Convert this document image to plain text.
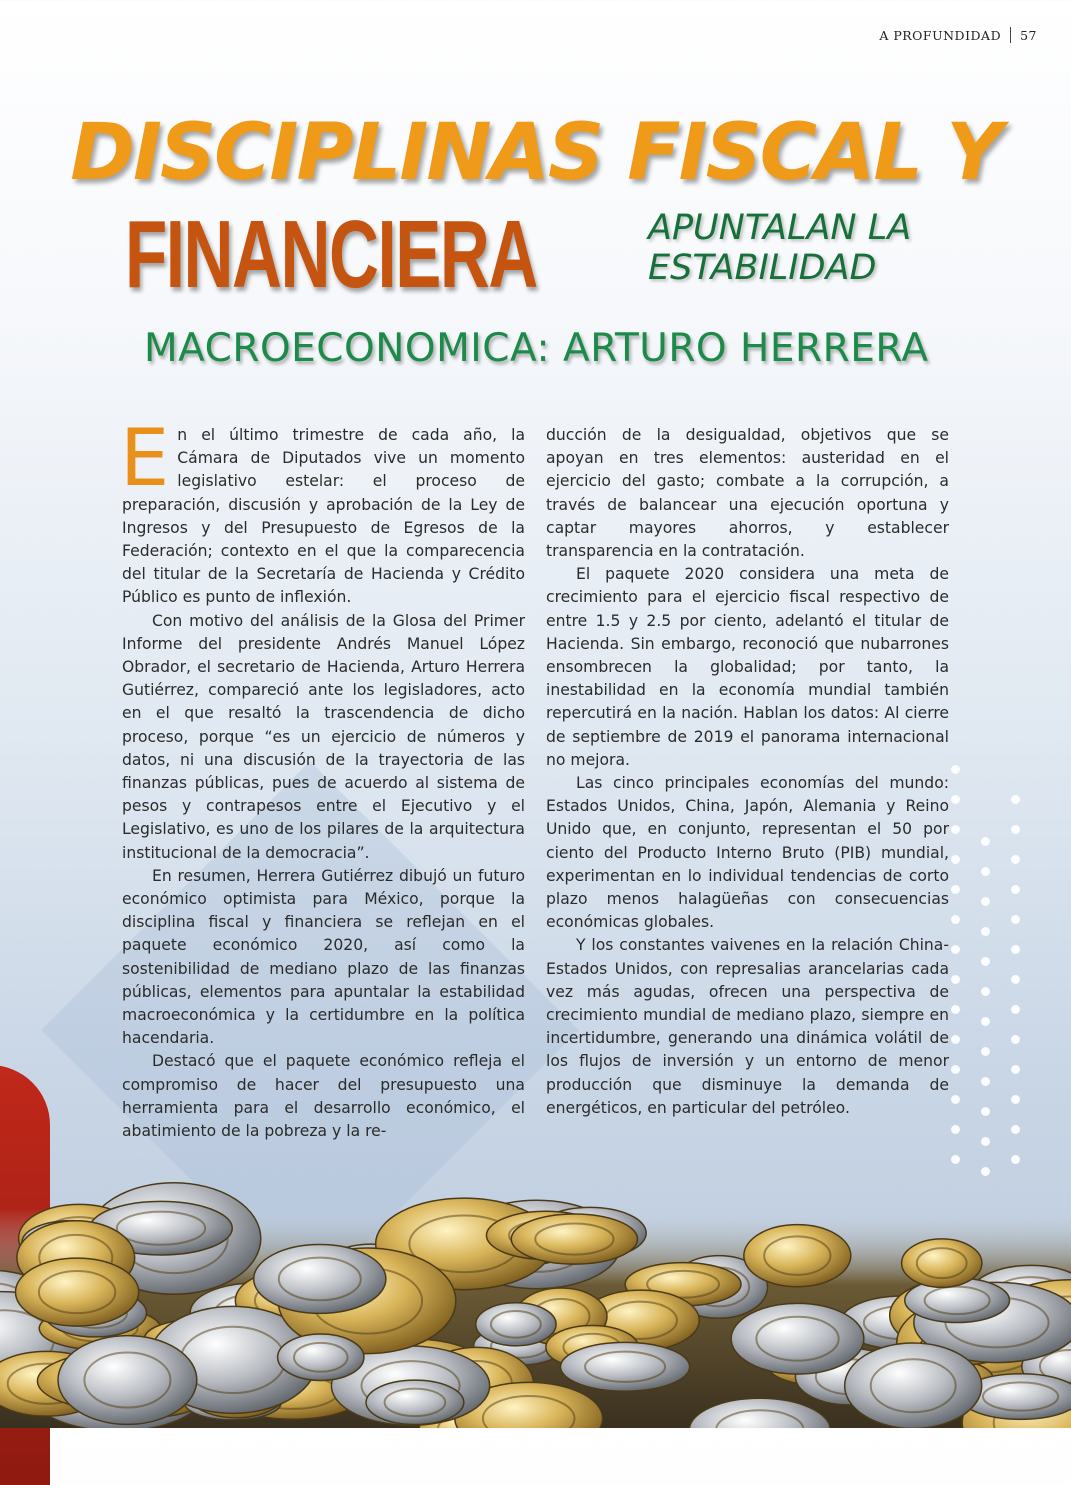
A PROFUNDIDAD 57
DISCIPLINAS FISCAL Y
FINANCIERA	APUNTALAN LA
ESTABILIDAD
MACROECONOMICA: ARTURO HERRERA

En el último trimestre de cada año, la Cámara de Diputados vive un momento legislativo estelar: el proceso de preparación, discusión y aprobación de la Ley de Ingresos y del Presupuesto de Egresos de la Federación; contexto en el que la comparecencia del titular de la Secretaría de Hacienda y Crédito Público es punto de inflexión.

Con motivo del análisis de la Glosa del Primer Informe del presidente Andrés Manuel López Obrador, el secretario de Hacienda, Arturo Herrera Gutiérrez, compareció ante los legisladores, acto en el que resaltó la trascendencia de dicho proceso, porque “es un ejercicio de números y datos, ni una discusión de la trayectoria de las finanzas públicas, pues de acuerdo al sistema de pesos y contrapesos entre el Ejecutivo y el Legislativo, es uno de los pilares de la arquitectura institucional de la democracia”.

En resumen, Herrera Gutiérrez dibujó un futuro económico optimista para México, porque la disciplina fiscal y financiera se reflejan en el paquete económico 2020, así como la sostenibilidad de mediano plazo de las finanzas públicas, elementos para apuntalar la estabilidad macroeconómica y la certidumbre en la política hacendaria.

Destacó que el paquete económico refleja el compromiso de hacer del presupuesto una herramienta para el desarrollo económico, el abatimiento de la pobreza y la re-

ducción de la desigualdad, objetivos que se apoyan en tres elementos: austeridad en el ejercicio del gasto; combate a la corrupción, a través de balancear una ejecución oportuna y captar mayores ahorros, y establecer transparencia en la contratación.

El paquete 2020 considera una meta de crecimiento para el ejercicio fiscal respectivo de entre 1.5 y 2.5 por ciento, adelantó el titular de Hacienda. Sin embargo, reconoció que nubarrones ensombrecen la globalidad; por tanto, la inestabilidad en la economía mundial también repercutirá en la nación. Hablan los datos: Al cierre de septiembre de 2019 el panorama internacional no mejora.

Las cinco principales economías del mundo: Estados Unidos, China, Japón, Alemania y Reino Unido que, en conjunto, representan el 50 por ciento del Producto Interno Bruto (PIB) mundial, experimentan en lo individual tendencias de corto plazo menos halagüeñas con consecuencias económicas globales.

Y los constantes vaivenes en la relación China-Estados Unidos, con represalias arancelarias cada vez más agudas, ofrecen una perspectiva de crecimiento mundial de mediano plazo, siempre en incertidumbre, generando una dinámica volátil de los flujos de inversión y un entorno de menor producción que disminuye la demanda de energéticos, en particular del petróleo.
